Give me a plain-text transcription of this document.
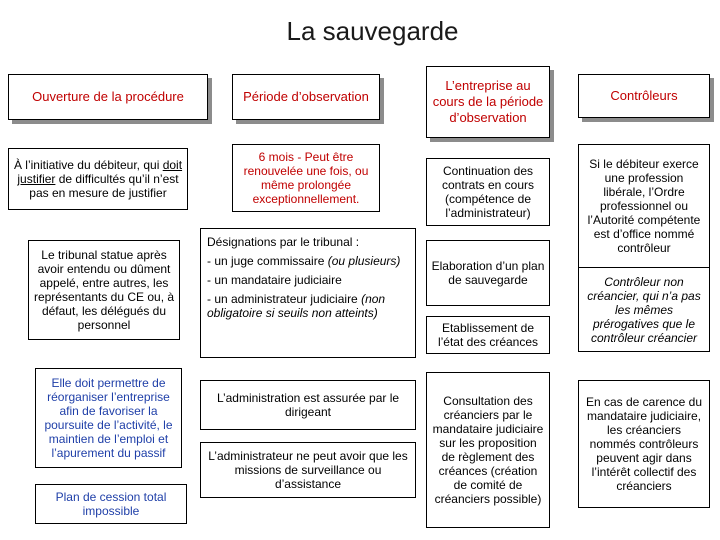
La sauvegarde
Ouverture de la procédure
À l’initiative du débiteur, qui doit justifier de difficultés qu’il n’est pas en mesure de justifier
Le tribunal statue après avoir entendu ou dûment appelé, entre autres, les représentants du CE ou, à défaut, les délégués du personnel
Elle doit permettre de réorganiser l’entreprise afin de favoriser la poursuite de l’activité, le maintien de l’emploi et l’apurement du passif
Plan de cession total impossible
Période d’observation
6 mois - Peut être renouvelée une fois, ou même prolongée exceptionnellement.
Désignations par le tribunal :
- un juge commissaire (ou plusieurs)
- un mandataire judiciaire
- un administrateur judiciaire (non obligatoire si seuils non atteints)
L’administration est assurée par le dirigeant
L’administrateur ne peut avoir que les missions de surveillance ou d’assistance
L’entreprise au cours de la période d’observation
Continuation des contrats en cours (compétence de l’administrateur)
Elaboration d’un plan de sauvegarde
Etablissement de l’état des créances
Consultation des créanciers par le mandataire judiciaire sur les proposition de règlement des créances (création de comité de créanciers possible)
Contrôleurs
Si le débiteur exerce une profession libérale, l’Ordre professionnel ou l’Autorité compétente est d’office nommé contrôleur
Contrôleur non créancier, qui n’a pas les mêmes prérogatives que le contrôleur créancier
En cas de carence du mandataire judiciaire, les créanciers nommés contrôleurs peuvent agir dans l’intérêt collectif des créanciers
